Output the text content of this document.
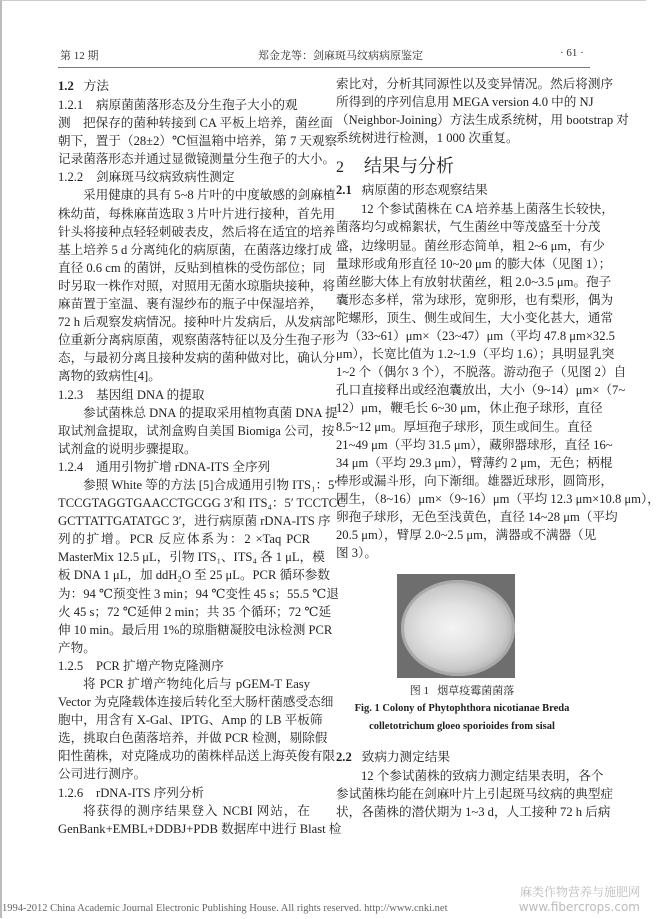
第 12 期	郑金龙等：剑麻斑马纹病病原鉴定	· 61 ·
1.2 方法
1.2.1 病原菌菌落形态及分生孢子大小的观测 把保存的菌种转接到 CA 平板上培养，菌丝面
朝下，置于（28±2）℃恒温箱中培养，第 7 天观察
记录菌落形态并通过显微镜测量分生孢子的大小。
1.2.2 剑麻斑马纹病致病性测定
采用健康的具有 5~8 片叶的中度敏感的剑麻植
株幼苗，每株麻苗选取 3 片叶片进行接种，首先用
针头将接种点轻轻刺破表皮，然后将在适宜的培养
基上培养 5 d 分离纯化的病原菌，在菌落边缘打成
直径 0.6 cm 的菌饼，反贴到植株的受伤部位；同
时另取一株作对照，对照用无菌水琼脂块接种，将
麻苗置于室温、裹有湿纱布的瓶子中保湿培养，
72 h 后观察发病情况。接种叶片发病后，从发病部
位重新分离病原菌，观察菌落特征以及分生孢子形
态，与最初分离且接种发病的菌种做对比，确认分
离物的致病性[4]。
1.2.3 基因组 DNA 的提取
参试菌株总 DNA 的提取采用植物真菌 DNA 提
取试剂盒提取，试剂盒购自美国 Biomiga 公司，按
试剂盒的说明步骤提取。
1.2.4 通用引物扩增 rDNA-ITS 全序列
参照 White 等的方法 [5]合成通用引物 ITS₁：5′
TCCGTAGGTGAACCTGCGG 3′和 ITS₄：5′ TCCTCC
GCTTATTGATATGC 3′，进行病原菌 rDNA-ITS 序
列的扩增。PCR 反应体系为：2 ×Taq PCR
MasterMix 12.5 μL，引物 ITS₁、ITS₄ 各 1 μL，模
板 DNA 1 μL，加 ddH₂O 至 25 μL。PCR 循环参数
为：94 ℃预变性 3 min；94 ℃变性 45 s；55.5 ℃退
火 45 s；72 ℃延伸 2 min；共 35 个循环；72 ℃延
伸 10 min。最后用 1%的琼脂糖凝胶电泳检测 PCR
产物。
1.2.5 PCR 扩增产物克隆测序
将 PCR 扩增产物纯化后与 pGEM-T Easy
Vector 为克隆载体连接后转化至大肠杆菌感受态细
胞中，用含有 X-Gal、IPTG、Amp 的 LB 平板筛
选，挑取白色菌落培养，并做 PCR 检测，剔除假
阳性菌株，对克隆成功的菌株样品送上海英俊有限
公司进行测序。
1.2.6 rDNA-ITS 序列分析
将获得的测序结果登入 NCBI 网站，在
GenBank+EMBL+DDBJ+PDB 数据库中进行 Blast 检
索比对，分析其同源性以及变异情况。然后将测序
所得到的序列信息用 MEGA version 4.0 中的 NJ
（Neighbor-Joining）方法生成系统树，用 bootstrap 对
系统树进行检测，1 000 次重复。
2 结果与分析
2.1 病原菌的形态观察结果
12 个参试菌株在 CA 培养基上菌落生长较快，
菌落均匀或棉絮状，气生菌丝中等茂盛至十分茂
盛，边缘明显。菌丝形态简单，粗 2~6 μm，有少
量球形或角形直径 10~20 μm 的膨大体（见图 1）；
菌丝膨大体上有放射状菌丝，粗 2.0~3.5 μm。孢子
囊形态多样，常为球形，宽卵形，也有梨形，偶为
陀螺形，顶生、侧生或间生，大小变化甚大，通常
为（33~61）μm×（23~47）μm（平均 47.8 μm×32.5
μm），长宽比值为 1.2~1.9（平均 1.6）；具明显乳突
1~2 个（偶尔 3 个），不脱落。游动孢子（见图 2）自
孔口直接释出或经泡囊放出，大小（9~14）μm×（7~
12）μm，鞭毛长 6~30 μm，休止孢子球形，直径
8.5~12 μm。厚垣孢子球形，顶生或间生。直径
21~49 μm（平均 31.5 μm），藏卵器球形，直径 16~
34 μm（平均 29.3 μm），臂薄约 2 μm，无色；柄棍
棒形或漏斗形，向下渐细。雄器近球形，圆筒形，
围生，（8~16）μm×（9~16）μm（平均 12.3 μm×10.8 μm），
卵孢子球形，无色至浅黄色，直径 14~28 μm（平均
20.5 μm），臂厚 2.0~2.5 μm，满器或不满器（见
图 3）。
图 1 烟草疫霉菌菌落
Fig. 1 Colony of Phytophthora nicotianae Breda
colletotrichum gloeo sporioides from sisal
2.2 致病力测定结果
12 个参试菌株的致病力测定结果表明，各个
参试菌株均能在剑麻叶片上引起斑马纹病的典型症
状，各菌株的潜伏期为 1~3 d，人工接种 72 h 后病
1994-2012 China Academic Journal Electronic Publishing House. All rights reserved. http://www.cnki.net
麻类作物营养与施肥网
www.fibercrops.com
